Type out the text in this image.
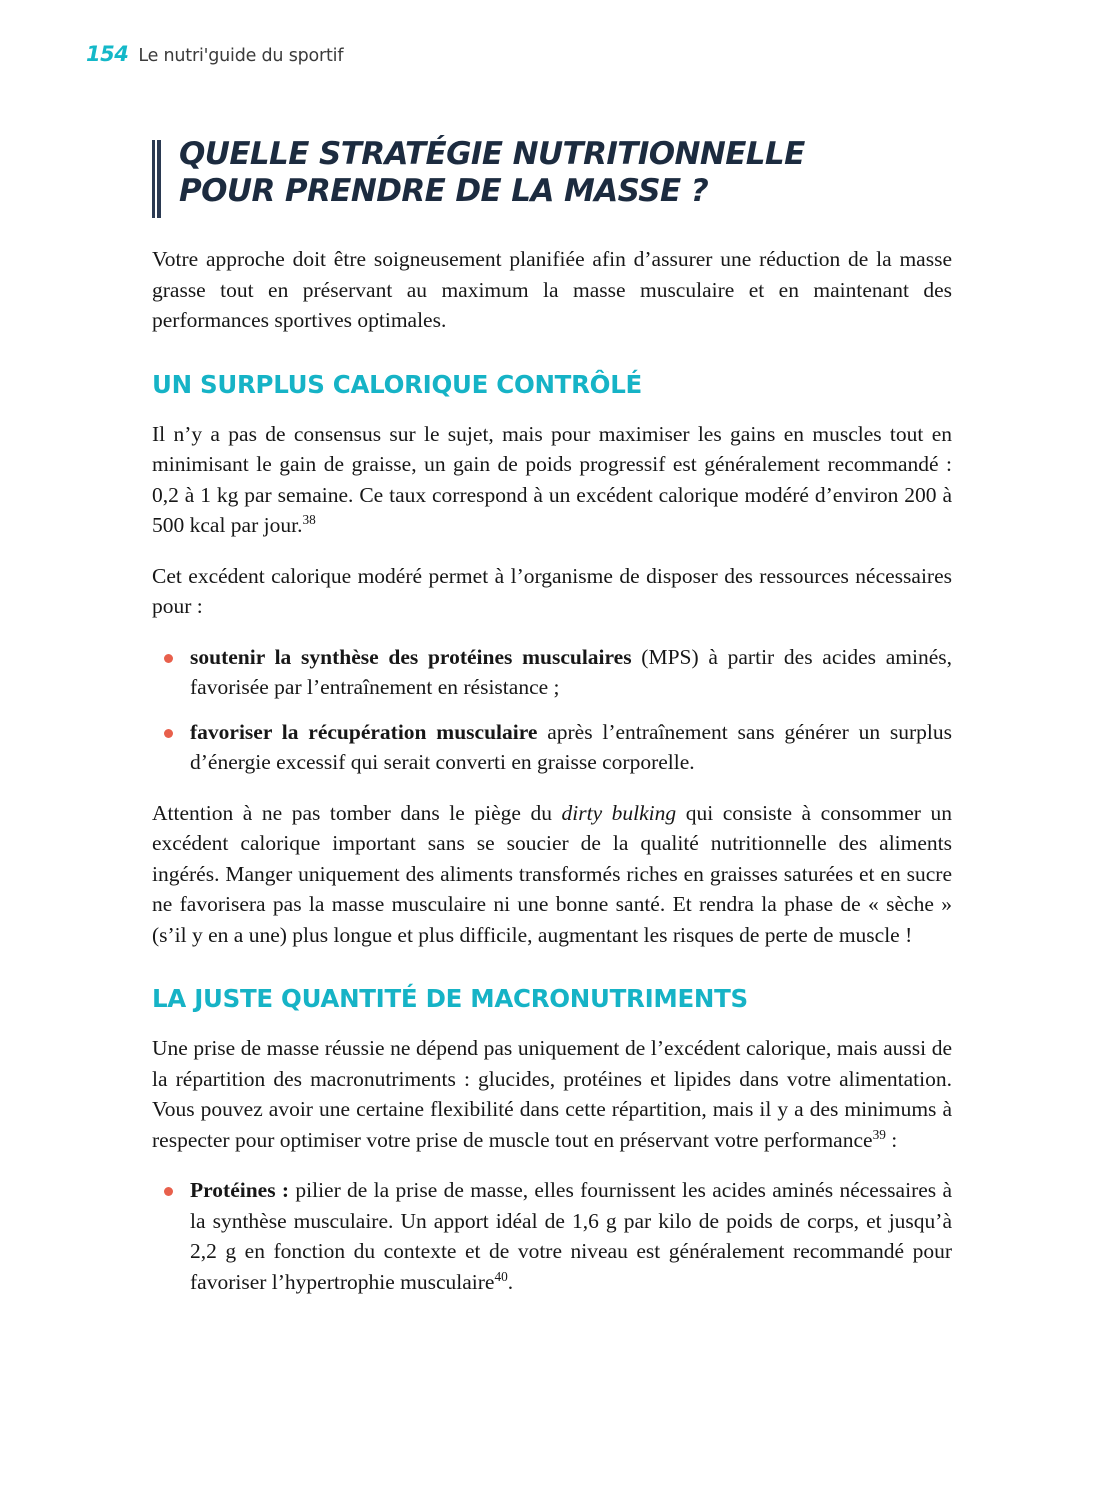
154 Le nutri'guide du sportif
QUELLE STRATÉGIE NUTRITIONNELLE
POUR PRENDRE DE LA MASSE ?

Votre approche doit être soigneusement planifiée afin d’assurer une réduction de la masse grasse tout en préservant au maximum la masse musculaire et en maintenant des performances sportives optimales.

UN SURPLUS CALORIQUE CONTRÔLÉ

Il n’y a pas de consensus sur le sujet, mais pour maximiser les gains en muscles tout en minimisant le gain de graisse, un gain de poids progressif est généralement recommandé : 0,2 à 1 kg par semaine. Ce taux correspond à un excédent calorique modéré d’environ 200 à 500 kcal par jour.$^{38}$

Cet excédent calorique modéré permet à l’organisme de disposer des ressources nécessaires pour :

soutenir la synthèse des protéines musculaires (MPS) à partir des acides aminés, favorisée par l’entraînement en résistance ;
favoriser la récupération musculaire après l’entraînement sans générer un surplus d’énergie excessif qui serait converti en graisse corporelle.

Attention à ne pas tomber dans le piège du dirty bulking qui consiste à consommer un excédent calorique important sans se soucier de la qualité nutritionnelle des aliments ingérés. Manger uniquement des aliments transformés riches en graisses saturées et en sucre ne favorisera pas la masse musculaire ni une bonne santé. Et rendra la phase de « sèche » (s’il y en a une) plus longue et plus difficile, augmentant les risques de perte de muscle !

LA JUSTE QUANTITÉ DE MACRONUTRIMENTS

Une prise de masse réussie ne dépend pas uniquement de l’excédent calorique, mais aussi de la répartition des macronutriments : glucides, protéines et lipides dans votre alimentation. Vous pouvez avoir une certaine flexibilité dans cette répartition, mais il y a des minimums à respecter pour optimiser votre prise de muscle tout en préservant votre performance$^{39}$ :

Protéines : pilier de la prise de masse, elles fournissent les acides aminés nécessaires à la synthèse musculaire. Un apport idéal de 1,6 g par kilo de poids de corps, et jusqu’à 2,2 g en fonction du contexte et de votre niveau est généralement recommandé pour favoriser l’hypertrophie musculaire$^{40}$.
